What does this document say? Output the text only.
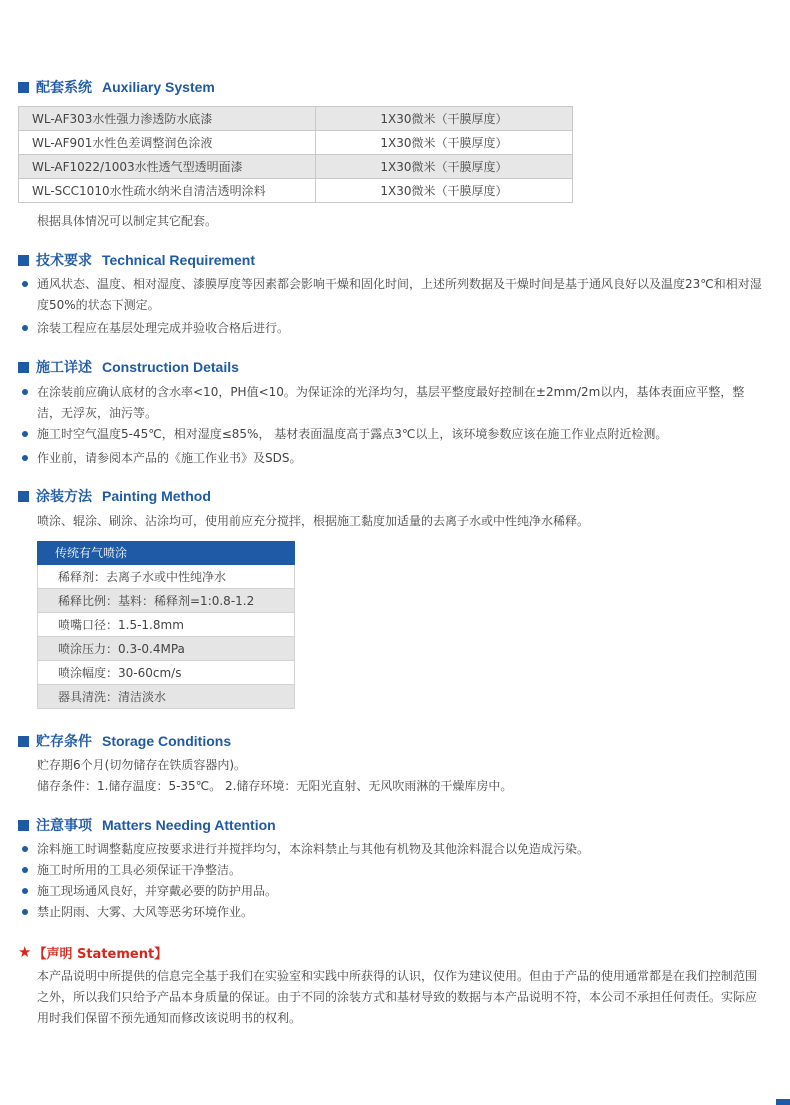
配套系统 Auxiliary System
WL-AF303水性强力渗透防水底漆	1X30微米（干膜厚度）
WL-AF901水性色差调整润色涂液	1X30微米（干膜厚度）
WL-AF1022/1003水性透气型透明面漆	1X30微米（干膜厚度）
WL-SCC1010水性疏水纳米自清洁透明涂料	1X30微米（干膜厚度）
根据具体情况可以制定其它配套。
技术要求 Technical Requirement
通风状态、温度、相对湿度、漆膜厚度等因素都会影响干燥和固化时间，上述所列数据及干燥时间是基于通风良好以及温度23℃和相对湿度50%的状态下测定。
涂装工程应在基层处理完成并验收合格后进行。
施工详述 Construction Details
在涂装前应确认底材的含水率<10，PH值<10。为保证涂的光泽均匀，基层平整度最好控制在±2mm/2m以内，基体表面应平整，整洁，无浮灰，油污等。
施工时空气温度5-45℃，相对湿度≤85%， 基材表面温度高于露点3℃以上，该环境参数应该在施工作业点附近检测。
作业前，请参阅本产品的《施工作业书》及SDS。
涂装方法 Painting Method
喷涂、辊涂、刷涂、沾涂均可，使用前应充分搅拌，根据施工黏度加适量的去离子水或中性纯净水稀释。
传统有气喷涂
稀释剂：去离子水或中性纯净水
稀释比例：基料：稀释剂=1:0.8-1.2
喷嘴口径：1.5-1.8mm
喷涂压力：0.3-0.4MPa
喷涂幅度：30-60cm/s
器具清洗：清洁淡水
贮存条件 Storage Conditions
贮存期6个月(切勿储存在铁质容器内)。
储存条件：1.储存温度：5-35℃。 2.储存环境：无阳光直射、无风吹雨淋的干燥库房中。
注意事项 Matters Needing Attention
涂料施工时调整黏度应按要求进行并搅拌均匀，本涂料禁止与其他有机物及其他涂料混合以免造成污染。
施工时所用的工具必须保证干净整洁。
施工现场通风良好，并穿戴必要的防护用品。
禁止阴雨、大雾、大风等恶劣环境作业。
★ 【声明 Statement】
本产品说明中所提供的信息完全基于我们在实验室和实践中所获得的认识，仅作为建议使用。但由于产品的使用通常都是在我们控制范围之外，所以我们只给予产品本身质量的保证。由于不同的涂装方式和基材导致的数据与本产品说明不符，本公司不承担任何责任。实际应用时我们保留不预先通知而修改该说明书的权利。
